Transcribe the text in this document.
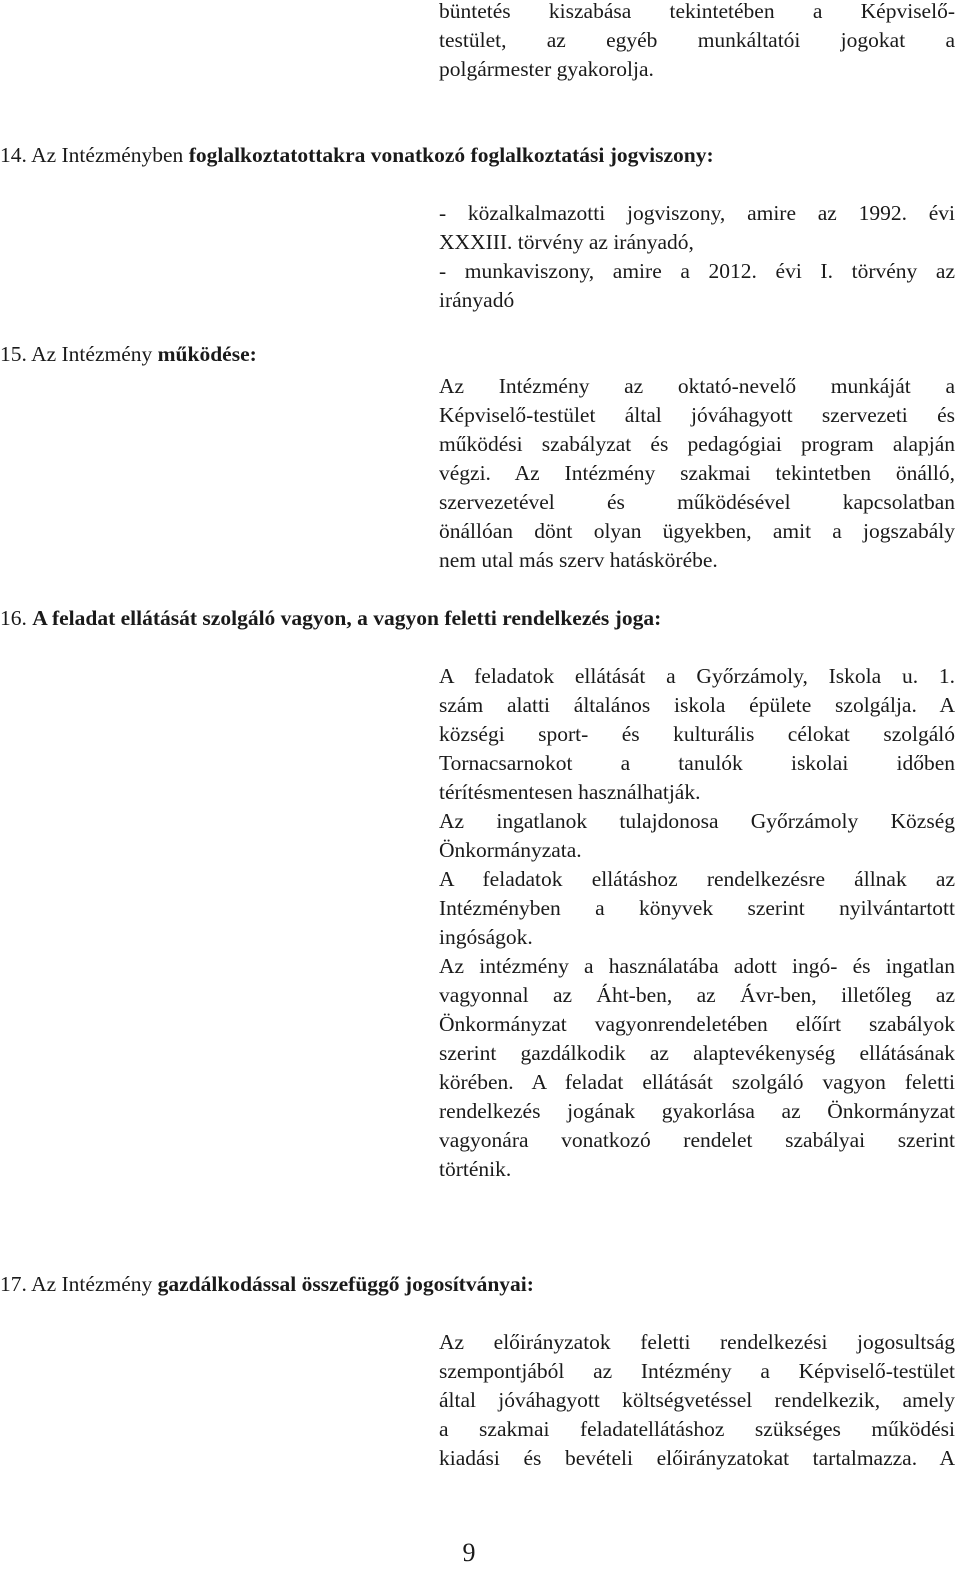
büntetés kiszabása tekintetében a Képviselő-
testület, az egyéb munkáltatói jogokat a
polgármester gyakorolja.
14. Az Intézményben foglalkoztatottakra vonatkozó foglalkoztatási jogviszony:
- közalkalmazotti jogviszony, amire az 1992. évi
XXXIII. törvény az irányadó,
- munkaviszony, amire a 2012. évi I. törvény az
irányadó
15. Az Intézmény működése:
Az Intézmény az oktató-nevelő munkáját a
Képviselő-testület által jóváhagyott szervezeti és
működési szabályzat és pedagógiai program alapján
végzi. Az Intézmény szakmai tekintetben önálló,
szervezetével és működésével kapcsolatban
önállóan dönt olyan ügyekben, amit a jogszabály
nem utal más szerv hatáskörébe.
16. A feladat ellátását szolgáló vagyon, a vagyon feletti rendelkezés joga:
A feladatok ellátását a Győrzámoly, Iskola u. 1.
szám alatti általános iskola épülete szolgálja. A
községi sport- és kulturális célokat szolgáló
Tornacsarnokot a tanulók iskolai időben
térítésmentesen használhatják.
Az ingatlanok tulajdonosa Győrzámoly Község
Önkormányzata.
A feladatok ellátáshoz rendelkezésre állnak az
Intézményben a könyvek szerint nyilvántartott
ingóságok.
Az intézmény a használatába adott ingó- és ingatlan
vagyonnal az Áht-ben, az Ávr-ben, illetőleg az
Önkormányzat vagyonrendeletében előírt szabályok
szerint gazdálkodik az alaptevékenység ellátásának
körében. A feladat ellátását szolgáló vagyon feletti
rendelkezés jogának gyakorlása az Önkormányzat
vagyonára vonatkozó rendelet szabályai szerint
történik.
17. Az Intézmény gazdálkodással összefüggő jogosítványai:
Az előirányzatok feletti rendelkezési jogosultság
szempontjából az Intézmény a Képviselő-testület
által jóváhagyott költségvetéssel rendelkezik, amely
a szakmai feladatellátáshoz szükséges működési
kiadási és bevételi előirányzatokat tartalmazza. A
9
